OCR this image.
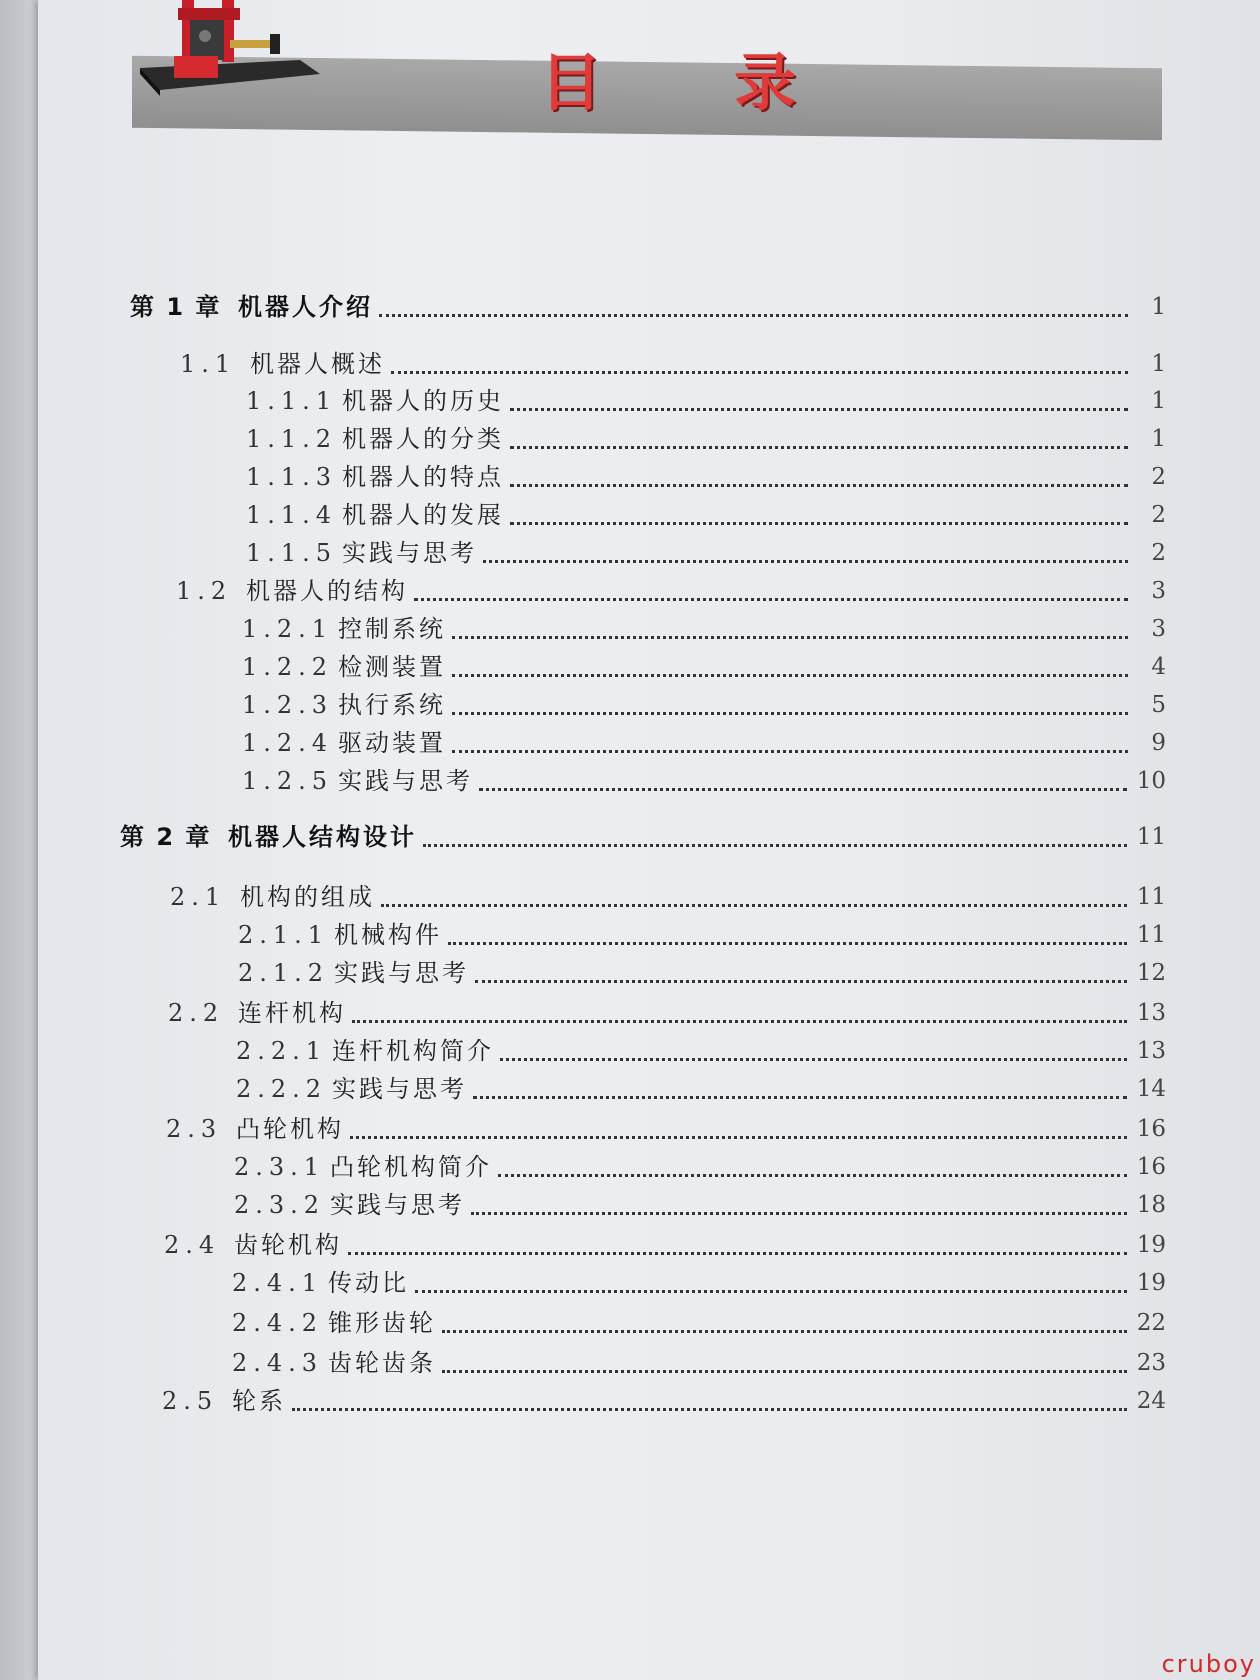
目 录
第 1 章 机器人介绍	1
1.1 机器人概述	1
1.1.1 机器人的历史	1
1.1.2 机器人的分类	1
1.1.3 机器人的特点	2
1.1.4 机器人的发展	2
1.1.5 实践与思考	2
1.2 机器人的结构	3
1.2.1 控制系统	3
1.2.2 检测装置	4
1.2.3 执行系统	5
1.2.4 驱动装置	9
1.2.5 实践与思考	10
第 2 章 机器人结构设计	11
2.1 机构的组成	11
2.1.1 机械构件	11
2.1.2 实践与思考	12
2.2 连杆机构	13
2.2.1 连杆机构简介	13
2.2.2 实践与思考	14
2.3 凸轮机构	16
2.3.1 凸轮机构简介	16
2.3.2 实践与思考	18
2.4 齿轮机构	19
2.4.1 传动比	19
2.4.2 锥形齿轮	22
2.4.3 齿轮齿条	23
2.5 轮系	24
cruboy
